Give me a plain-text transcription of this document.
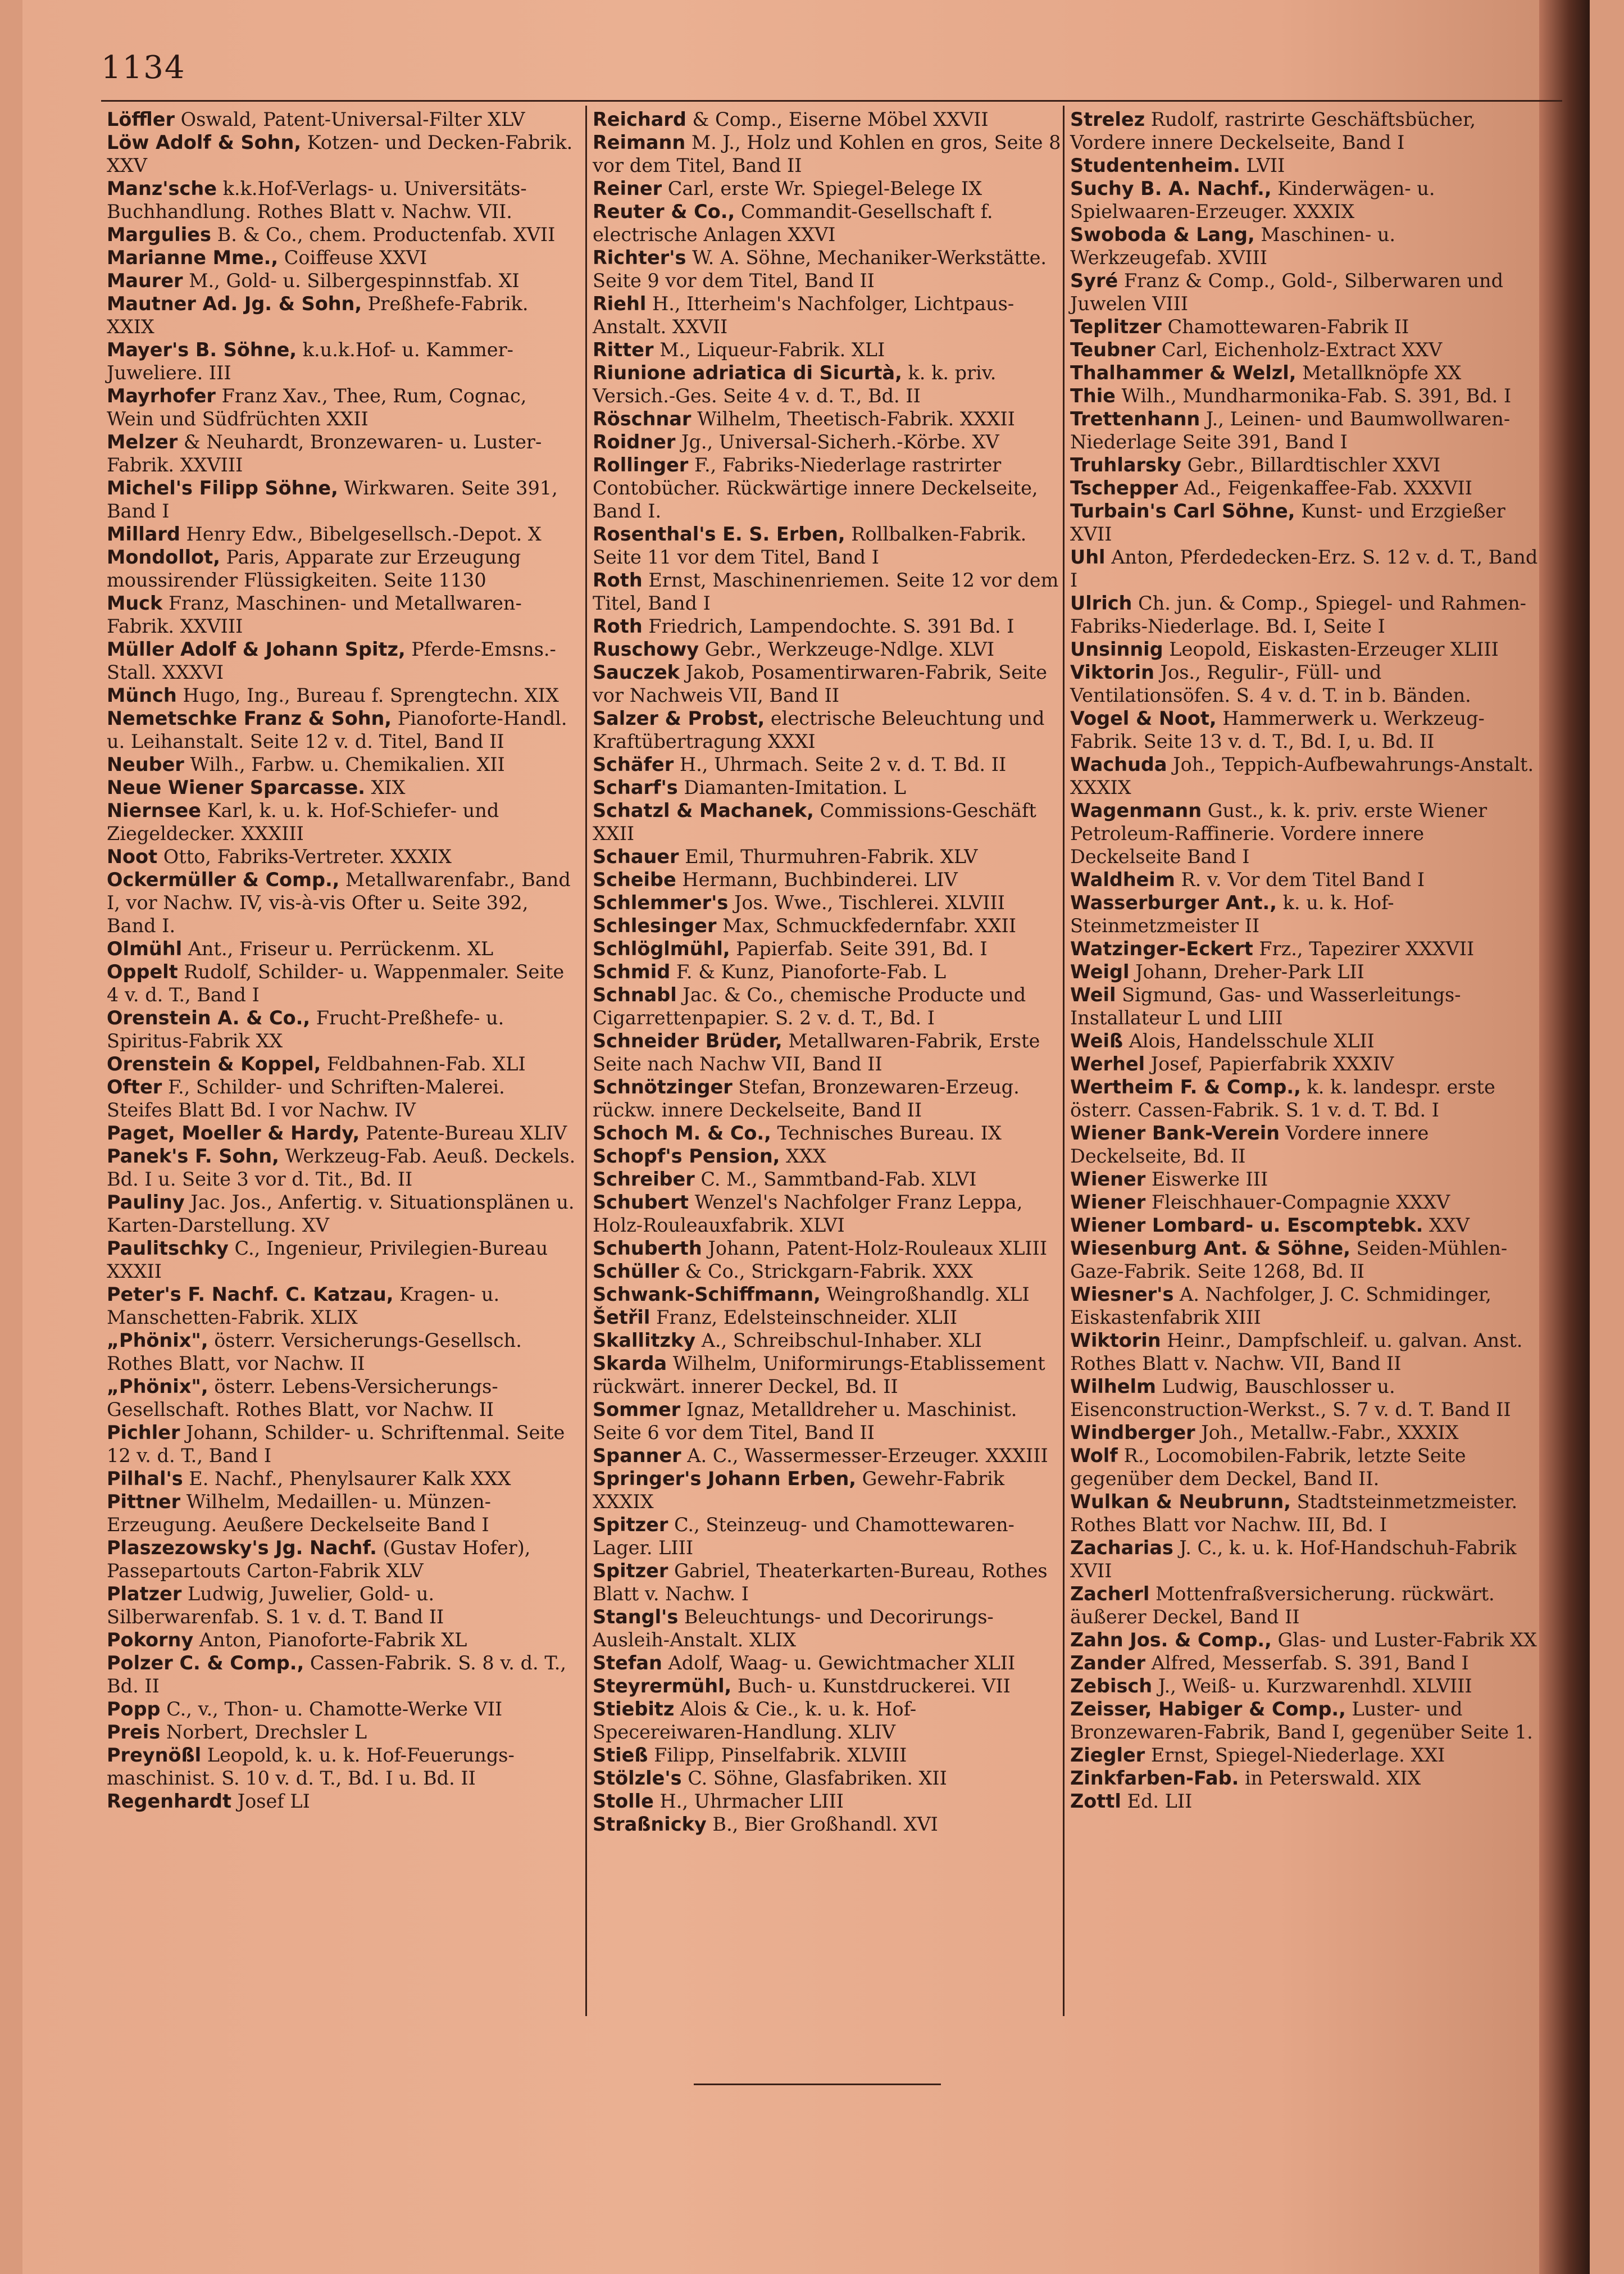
1134
Löffler Oswald, Patent-Universal-Filter XLV
Löw Adolf & Sohn, Kotzen- und Decken-Fabrik. XXV
Manz'sche k.k.Hof-Verlags- u. Universitäts-Buchhandlung. Rothes Blatt v. Nachw. VII.
Margulies B. & Co., chem. Productenfab. XVII
Marianne Mme., Coiffeuse XXVI
Maurer M., Gold- u. Silbergespinnstfab. XI
Mautner Ad. Jg. & Sohn, Preßhefe-Fabrik. XXIX
Mayer's B. Söhne, k.u.k.Hof- u. Kammer-Juweliere. III
Mayrhofer Franz Xav., Thee, Rum, Cognac, Wein und Südfrüchten XXII
Melzer & Neuhardt, Bronzewaren- u. Luster-Fabrik. XXVIII
Michel's Filipp Söhne, Wirkwaren. Seite 391, Band I
Millard Henry Edw., Bibelgesellsch.-Depot. X
Mondollot, Paris, Apparate zur Erzeugung moussirender Flüssigkeiten. Seite 1130
Muck Franz, Maschinen- und Metallwaren-Fabrik. XXVIII
Müller Adolf & Johann Spitz, Pferde-Emsns.-Stall. XXXVI
Münch Hugo, Ing., Bureau f. Sprengtechn. XIX
Nemetschke Franz & Sohn, Pianoforte-Handl. u. Leihanstalt. Seite 12 v. d. Titel, Band II
Neuber Wilh., Farbw. u. Chemikalien. XII
Neue Wiener Sparcasse. XIX
Niernsee Karl, k. u. k. Hof-Schiefer- und Ziegeldecker. XXXIII
Noot Otto, Fabriks-Vertreter. XXXIX
Ockermüller & Comp., Metallwarenfabr., Band I, vor Nachw. IV, vis-à-vis Ofter u. Seite 392, Band I.
Olmühl Ant., Friseur u. Perrückenm. XL
Oppelt Rudolf, Schilder- u. Wappenmaler. Seite 4 v. d. T., Band I
Orenstein A. & Co., Frucht-Preßhefe- u. Spiritus-Fabrik XX
Orenstein & Koppel, Feldbahnen-Fab. XLI
Ofter F., Schilder- und Schriften-Malerei. Steifes Blatt Bd. I vor Nachw. IV
Paget, Moeller & Hardy, Patente-Bureau XLIV
Panek's F. Sohn, Werkzeug-Fab. Aeuß. Deckels. Bd. I u. Seite 3 vor d. Tit., Bd. II
Pauliny Jac. Jos., Anfertig. v. Situationsplänen u. Karten-Darstellung. XV
Paulitschky C., Ingenieur, Privilegien-Bureau XXXII
Peter's F. Nachf. C. Katzau, Kragen- u. Manschetten-Fabrik. XLIX
„Phönix", österr. Versicherungs-Gesellsch. Rothes Blatt, vor Nachw. II
„Phönix", österr. Lebens-Versicherungs-Gesellschaft. Rothes Blatt, vor Nachw. II
Pichler Johann, Schilder- u. Schriftenmal. Seite 12 v. d. T., Band I
Pilhal's E. Nachf., Phenylsaurer Kalk XXX
Pittner Wilhelm, Medaillen- u. Münzen-Erzeugung. Aeußere Deckelseite Band I
Plaszezowsky's Jg. Nachf. (Gustav Hofer), Passepartouts Carton-Fabrik XLV
Platzer Ludwig, Juwelier, Gold- u. Silberwarenfab. S. 1 v. d. T. Band II
Pokorny Anton, Pianoforte-Fabrik XL
Polzer C. & Comp., Cassen-Fabrik. S. 8 v. d. T., Bd. II
Popp C., v., Thon- u. Chamotte-Werke VII
Preis Norbert, Drechsler L
Preynößl Leopold, k. u. k. Hof-Feuerungs-maschinist. S. 10 v. d. T., Bd. I u. Bd. II
Regenhardt Josef LI
Reichard & Comp., Eiserne Möbel XXVII
Reimann M. J., Holz und Kohlen en gros, Seite 8 vor dem Titel, Band II
Reiner Carl, erste Wr. Spiegel-Belege IX
Reuter & Co., Commandit-Gesellschaft f. electrische Anlagen XXVI
Richter's W. A. Söhne, Mechaniker-Werkstätte. Seite 9 vor dem Titel, Band II
Riehl H., Itterheim's Nachfolger, Lichtpaus-Anstalt. XXVII
Ritter M., Liqueur-Fabrik. XLI
Riunione adriatica di Sicurtà, k. k. priv. Versich.-Ges. Seite 4 v. d. T., Bd. II
Röschnar Wilhelm, Theetisch-Fabrik. XXXII
Roidner Jg., Universal-Sicherh.-Körbe. XV
Rollinger F., Fabriks-Niederlage rastrirter Contobücher. Rückwärtige innere Deckelseite, Band I.
Rosenthal's E. S. Erben, Rollbalken-Fabrik. Seite 11 vor dem Titel, Band I
Roth Ernst, Maschinenriemen. Seite 12 vor dem Titel, Band I
Roth Friedrich, Lampendochte. S. 391 Bd. I
Ruschowy Gebr., Werkzeuge-Ndlge. XLVI
Sauczek Jakob, Posamentirwaren-Fabrik, Seite vor Nachweis VII, Band II
Salzer & Probst, electrische Beleuchtung und Kraftübertragung XXXI
Schäfer H., Uhrmach. Seite 2 v. d. T. Bd. II
Scharf's Diamanten-Imitation. L
Schatzl & Machanek, Commissions-Geschäft XXII
Schauer Emil, Thurmuhren-Fabrik. XLV
Scheibe Hermann, Buchbinderei. LIV
Schlemmer's Jos. Wwe., Tischlerei. XLVIII
Schlesinger Max, Schmuckfedernfabr. XXII
Schlöglmühl, Papierfab. Seite 391, Bd. I
Schmid F. & Kunz, Pianoforte-Fab. L
Schnabl Jac. & Co., chemische Producte und Cigarrettenpapier. S. 2 v. d. T., Bd. I
Schneider Brüder, Metallwaren-Fabrik, Erste Seite nach Nachw VII, Band II
Schnötzinger Stefan, Bronzewaren-Erzeug. rückw. innere Deckelseite, Band II
Schoch M. & Co., Technisches Bureau. IX
Schopf's Pension, XXX
Schreiber C. M., Sammtband-Fab. XLVI
Schubert Wenzel's Nachfolger Franz Leppa, Holz-Rouleauxfabrik. XLVI
Schuberth Johann, Patent-Holz-Rouleaux XLIII
Schüller & Co., Strickgarn-Fabrik. XXX
Schwank-Schiffmann, Weingroßhandlg. XLI
Šetřil Franz, Edelsteinschneider. XLII
Skallitzky A., Schreibschul-Inhaber. XLI
Skarda Wilhelm, Uniformirungs-Etablissement rückwärt. innerer Deckel, Bd. II
Sommer Ignaz, Metalldreher u. Maschinist. Seite 6 vor dem Titel, Band II
Spanner A. C., Wassermesser-Erzeuger. XXXIII
Springer's Johann Erben, Gewehr-Fabrik XXXIX
Spitzer C., Steinzeug- und Chamottewaren-Lager. LIII
Spitzer Gabriel, Theaterkarten-Bureau, Rothes Blatt v. Nachw. I
Stangl's Beleuchtungs- und Decorirungs-Ausleih-Anstalt. XLIX
Stefan Adolf, Waag- u. Gewichtmacher XLII
Steyrermühl, Buch- u. Kunstdruckerei. VII
Stiebitz Alois & Cie., k. u. k. Hof-Specereiwaren-Handlung. XLIV
Stieß Filipp, Pinselfabrik. XLVIII
Stölzle's C. Söhne, Glasfabriken. XII
Stolle H., Uhrmacher LIII
Straßnicky B., Bier Großhandl. XVI
Strelez Rudolf, rastrirte Geschäftsbücher, Vordere innere Deckelseite, Band I
Studentenheim. LVII
Suchy B. A. Nachf., Kinderwägen- u. Spielwaaren-Erzeuger. XXXIX
Swoboda & Lang, Maschinen- u. Werkzeugefab. XVIII
Syré Franz & Comp., Gold-, Silberwaren und Juwelen VIII
Teplitzer Chamottewaren-Fabrik II
Teubner Carl, Eichenholz-Extract XXV
Thalhammer & Welzl, Metallknöpfe XX
Thie Wilh., Mundharmonika-Fab. S. 391, Bd. I
Trettenhann J., Leinen- und Baumwollwaren-Niederlage Seite 391, Band I
Truhlarsky Gebr., Billardtischler XXVI
Tschepper Ad., Feigenkaffee-Fab. XXXVII
Turbain's Carl Söhne, Kunst- und Erzgießer XVII
Uhl Anton, Pferdedecken-Erz. S. 12 v. d. T., Band I
Ulrich Ch. jun. & Comp., Spiegel- und Rahmen-Fabriks-Niederlage. Bd. I, Seite I
Unsinnig Leopold, Eiskasten-Erzeuger XLIII
Viktorin Jos., Regulir-, Füll- und Ventilationsöfen. S. 4 v. d. T. in b. Bänden.
Vogel & Noot, Hammerwerk u. Werkzeug-Fabrik. Seite 13 v. d. T., Bd. I, u. Bd. II
Wachuda Joh., Teppich-Aufbewahrungs-Anstalt. XXXIX
Wagenmann Gust., k. k. priv. erste Wiener Petroleum-Raffinerie. Vordere innere Deckelseite Band I
Waldheim R. v. Vor dem Titel Band I
Wasserburger Ant., k. u. k. Hof-Steinmetzmeister II
Watzinger-Eckert Frz., Tapezirer XXXVII
Weigl Johann, Dreher-Park LII
Weil Sigmund, Gas- und Wasserleitungs-Installateur L und LIII
Weiß Alois, Handelsschule XLII
Werhel Josef, Papierfabrik XXXIV
Wertheim F. & Comp., k. k. landespr. erste österr. Cassen-Fabrik. S. 1 v. d. T. Bd. I
Wiener Bank-Verein Vordere innere Deckelseite, Bd. II
Wiener Eiswerke III
Wiener Fleischhauer-Compagnie XXXV
Wiener Lombard- u. Escomptebk. XXV
Wiesenburg Ant. & Söhne, Seiden-Mühlen-Gaze-Fabrik. Seite 1268, Bd. II
Wiesner's A. Nachfolger, J. C. Schmidinger, Eiskastenfabrik XIII
Wiktorin Heinr., Dampfschleif. u. galvan. Anst. Rothes Blatt v. Nachw. VII, Band II
Wilhelm Ludwig, Bauschlosser u. Eisenconstruction-Werkst., S. 7 v. d. T. Band II
Windberger Joh., Metallw.-Fabr., XXXIX
Wolf R., Locomobilen-Fabrik, letzte Seite gegenüber dem Deckel, Band II.
Wulkan & Neubrunn, Stadtsteinmetzmeister. Rothes Blatt vor Nachw. III, Bd. I
Zacharias J. C., k. u. k. Hof-Handschuh-Fabrik XVII
Zacherl Mottenfraßversicherung. rückwärt. äußerer Deckel, Band II
Zahn Jos. & Comp., Glas- und Luster-Fabrik XX
Zander Alfred, Messerfab. S. 391, Band I
Zebisch J., Weiß- u. Kurzwarenhdl. XLVIII
Zeisser, Habiger & Comp., Luster- und Bronzewaren-Fabrik, Band I, gegenüber Seite 1.
Ziegler Ernst, Spiegel-Niederlage. XXI
Zinkfarben-Fab. in Peterswald. XIX
Zottl Ed. LII
